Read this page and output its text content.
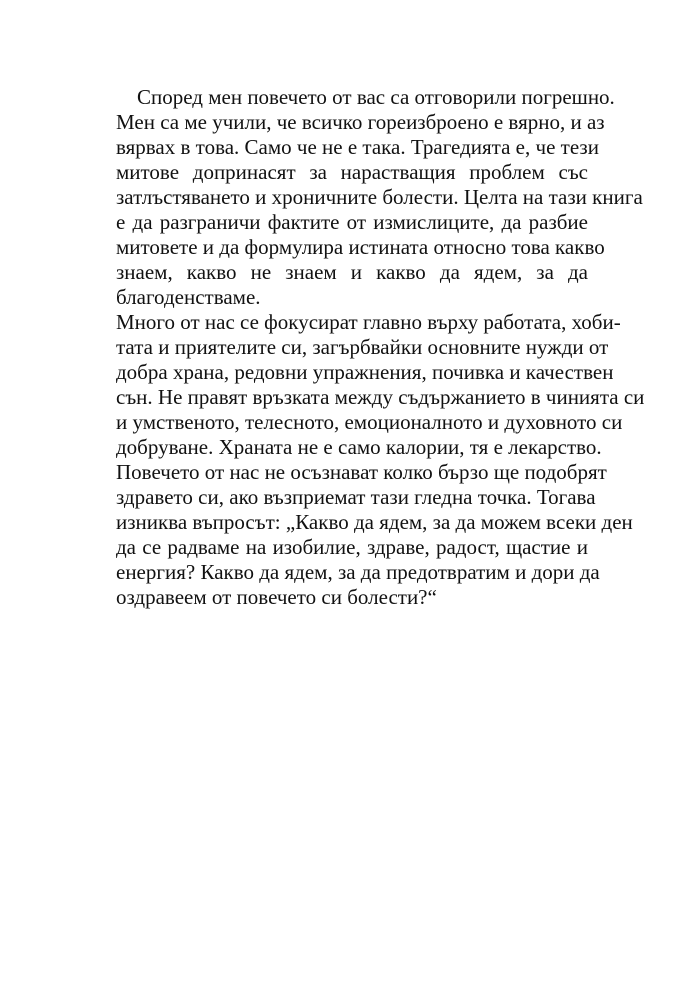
Според мен повечето от вас са отговорили погрешно.
Мен са ме учили, че всичко гореизброено е вярно, и аз
вярвах в това. Само че не е така. Трагедията е, че тези
митове допринасят за нарастващия проблем със
затлъстяването и хроничните болести. Целта на тази книга
е да разграничи фактите от измислиците, да разбие
митовете и да формулира истината относно това какво
знаем, какво не знаем и какво да ядем, за да
благоденстваме.
Много от нас се фокусират главно върху работата, хоби-
тата и приятелите си, загърбвайки основните нужди от
добра храна, редовни упражнения, почивка и качествен
сън. Не правят връзката между съдържанието в чинията си
и умственото, телесното, емоционалното и духовното си
добруване. Храната не е само калории, тя е лекарство.
Повечето от нас не осъзнават колко бързо ще подобрят
здравето си, ако възприемат тази гледна точка. Тогава
изниква въпросът: „Какво да ядем, за да можем всеки ден
да се радваме на изобилие, здраве, радост, щастие и
енергия? Какво да ядем, за да предотвратим и дори да
оздравеем от повечето си болести?“
